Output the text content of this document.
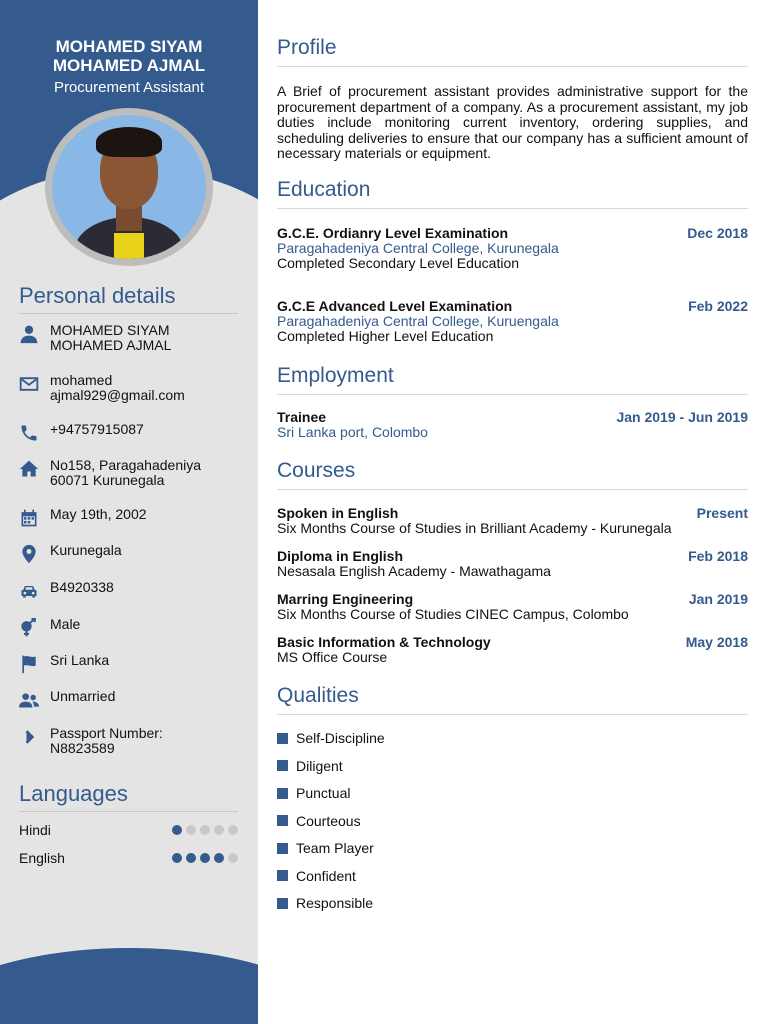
MOHAMED SIYAM
MOHAMED AJMAL
Procurement Assistant
Personal details
MOHAMED SIYAM
MOHAMED AJMAL
mohamed
ajmal929@gmail.com
+94757915087
No158, Paragahadeniya
60071 Kurunegala
May 19th, 2002
Kurunegala
B4920338
Male
Sri Lanka
Unmarried
Passport Number:
N8823589
Languages
Hindi
English
Profile
A Brief of procurement assistant provides administrative support for the procurement department of a company. As a procurement assistant, my job duties include monitoring current inventory, ordering supplies, and scheduling deliveries to ensure that our company has a sufficient amount of necessary materials or equipment.
Education
G.C.E. Ordianry Level Examination	Dec 2018
Paragahadeniya Central College, Kurunegala
Completed Secondary Level Education
G.C.E Advanced Level Examination	Feb 2022
Paragahadeniya Central College, Kuruengala
Completed Higher Level Education
Employment
Trainee	Jan 2019 - Jun 2019
Sri Lanka port, Colombo
Courses
Spoken in English	Present
Six Months Course of Studies in Brilliant Academy - Kurunegala
Diploma in English	Feb 2018
Nesasala English Academy - Mawathagama
Marring Engineering	Jan 2019
Six Months Course of Studies CINEC Campus, Colombo
Basic Information & Technology	May 2018
MS Office Course
Qualities
Self-Discipline
Diligent
Punctual
Courteous
Team Player
Confident
Responsible
